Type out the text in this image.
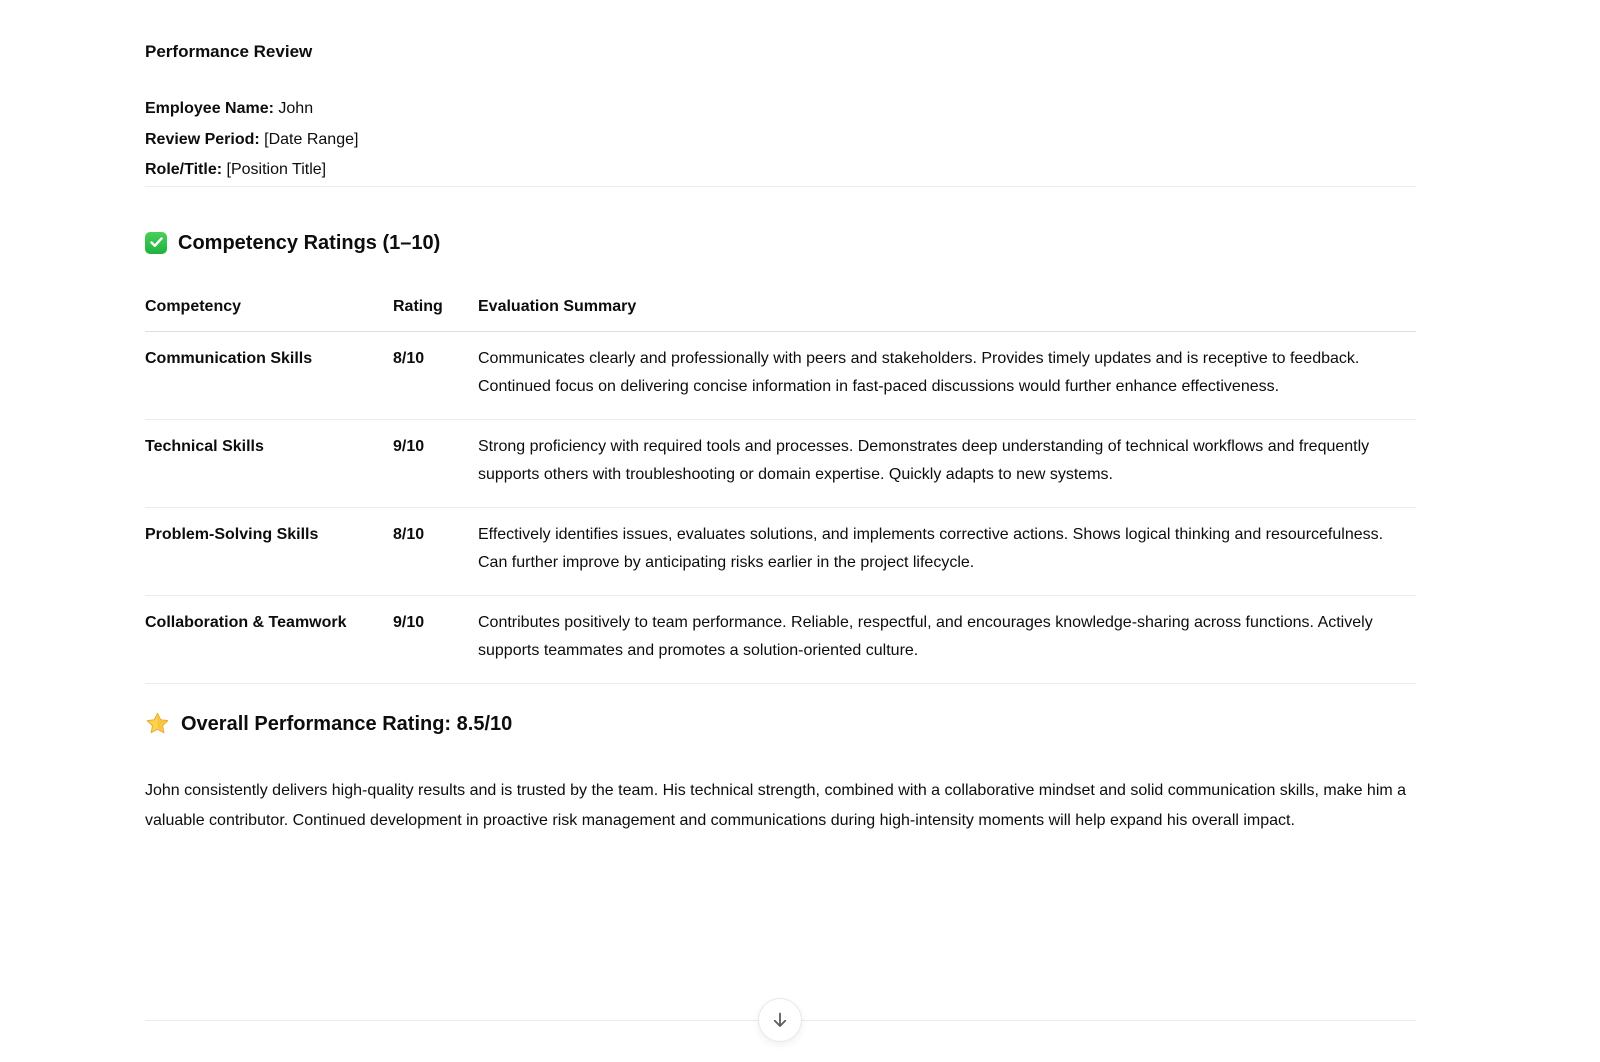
Performance Review

Employee Name: John

Review Period: [Date Range]

Role/Title: [Position Title]

Competency Ratings (1–10)
Competency	Rating	Evaluation Summary
Communication Skills	8/10	Communicates clearly and professionally with peers and stakeholders. Provides timely updates and is receptive to feedback. Continued focus on delivering concise information in fast-paced discussions would further enhance effectiveness.
Technical Skills	9/10	Strong proficiency with required tools and processes. Demonstrates deep understanding of technical workflows and frequently supports others with troubleshooting or domain expertise. Quickly adapts to new systems.
Problem-Solving Skills	8/10	Effectively identifies issues, evaluates solutions, and implements corrective actions. Shows logical thinking and resourcefulness. Can further improve by anticipating risks earlier in the project lifecycle.
Collaboration & Teamwork	9/10	Contributes positively to team performance. Reliable, respectful, and encourages knowledge-sharing across functions. Actively supports teammates and promotes a solution-oriented culture.
Overall Performance Rating: 8.5/10

John consistently delivers high-quality results and is trusted by the team. His technical strength, combined with a collaborative mindset and solid communication skills, make him a valuable contributor. Continued development in proactive risk management and communications during high-intensity moments will help expand his overall impact.
